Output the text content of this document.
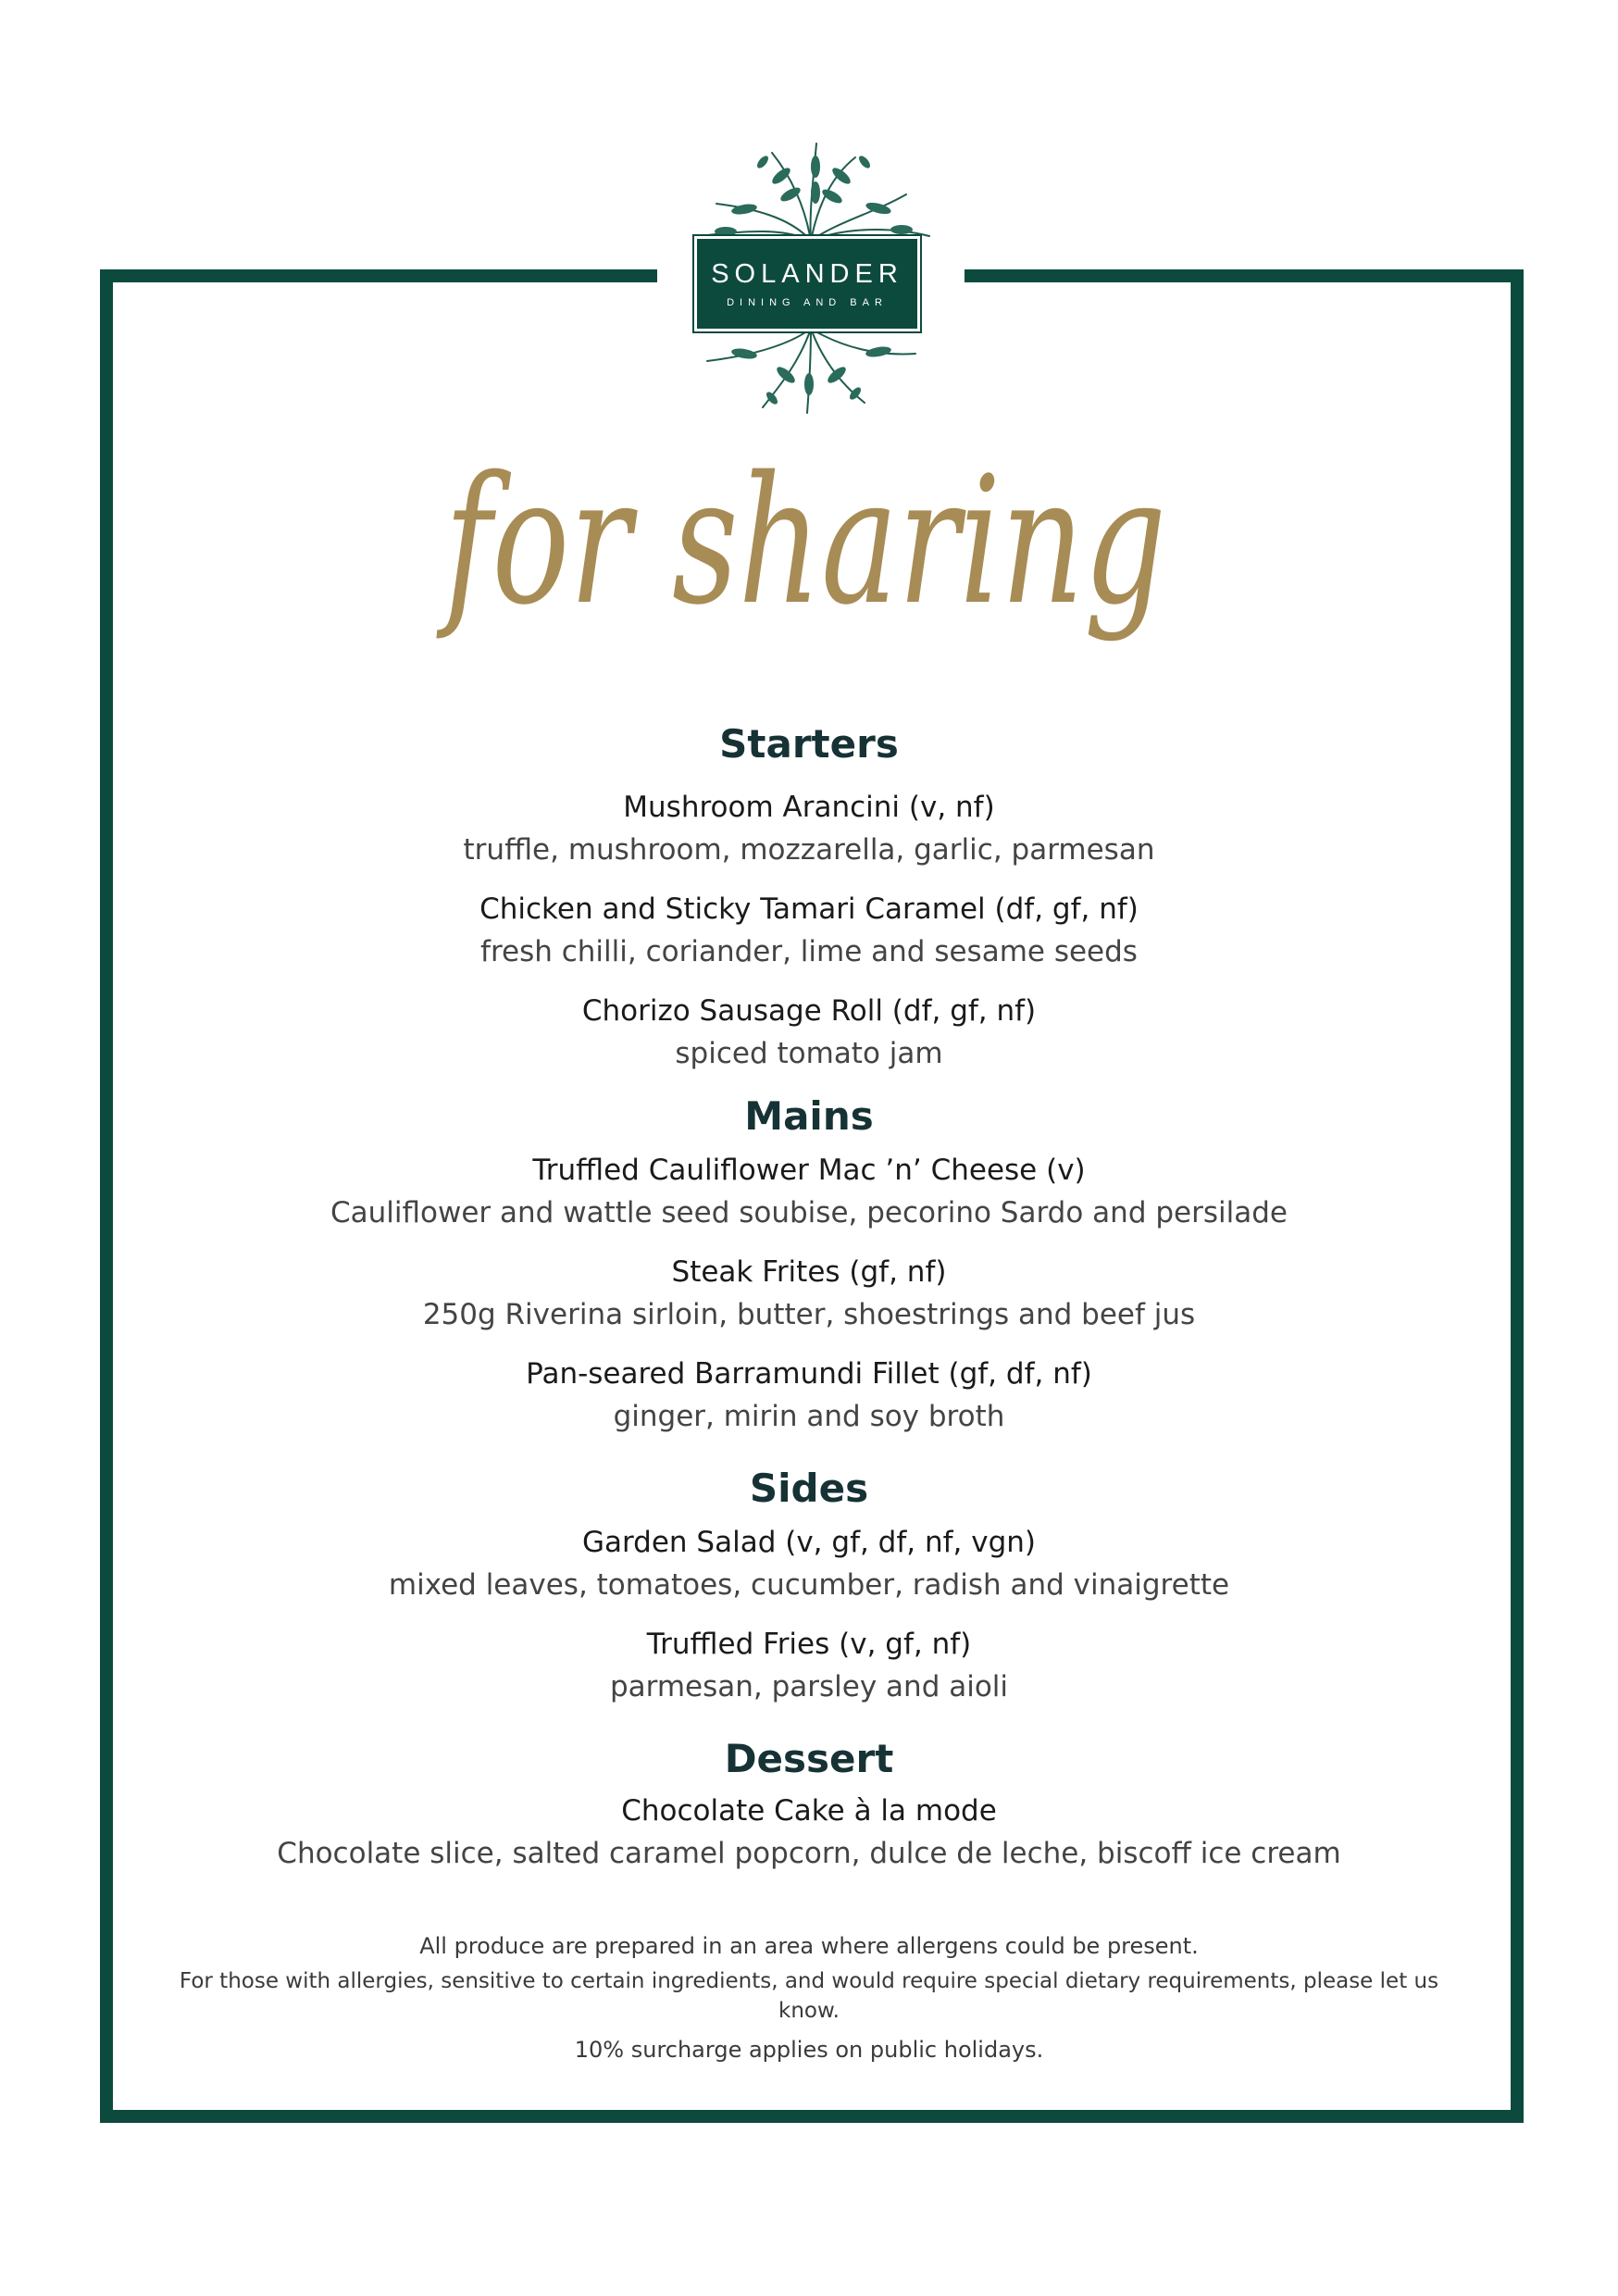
SOLANDER
DINING AND BAR
for sharing
Starters
Mushroom Arancini (v, nf)
truffle, mushroom, mozzarella, garlic, parmesan
Chicken and Sticky Tamari Caramel (df, gf, nf)
fresh chilli, coriander, lime and sesame seeds
Chorizo Sausage Roll (df, gf, nf)
spiced tomato jam
Mains
Truffled Cauliflower Mac ’n’ Cheese (v)
Cauliflower and wattle seed soubise, pecorino Sardo and persilade
Steak Frites (gf, nf)
250g Riverina sirloin, butter, shoestrings and beef jus
Pan-seared Barramundi Fillet (gf, df, nf)
ginger, mirin and soy broth
Sides
Garden Salad (v, gf, df, nf, vgn)
mixed leaves, tomatoes, cucumber, radish and vinaigrette
Truffled Fries (v, gf, nf)
parmesan, parsley and aioli
Dessert
Chocolate Cake à la mode
Chocolate slice, salted caramel popcorn, dulce de leche, biscoff ice cream
All produce are prepared in an area where allergens could be present.
For those with allergies, sensitive to certain ingredients, and would require special dietary requirements, please let us know.
10% surcharge applies on public holidays.
